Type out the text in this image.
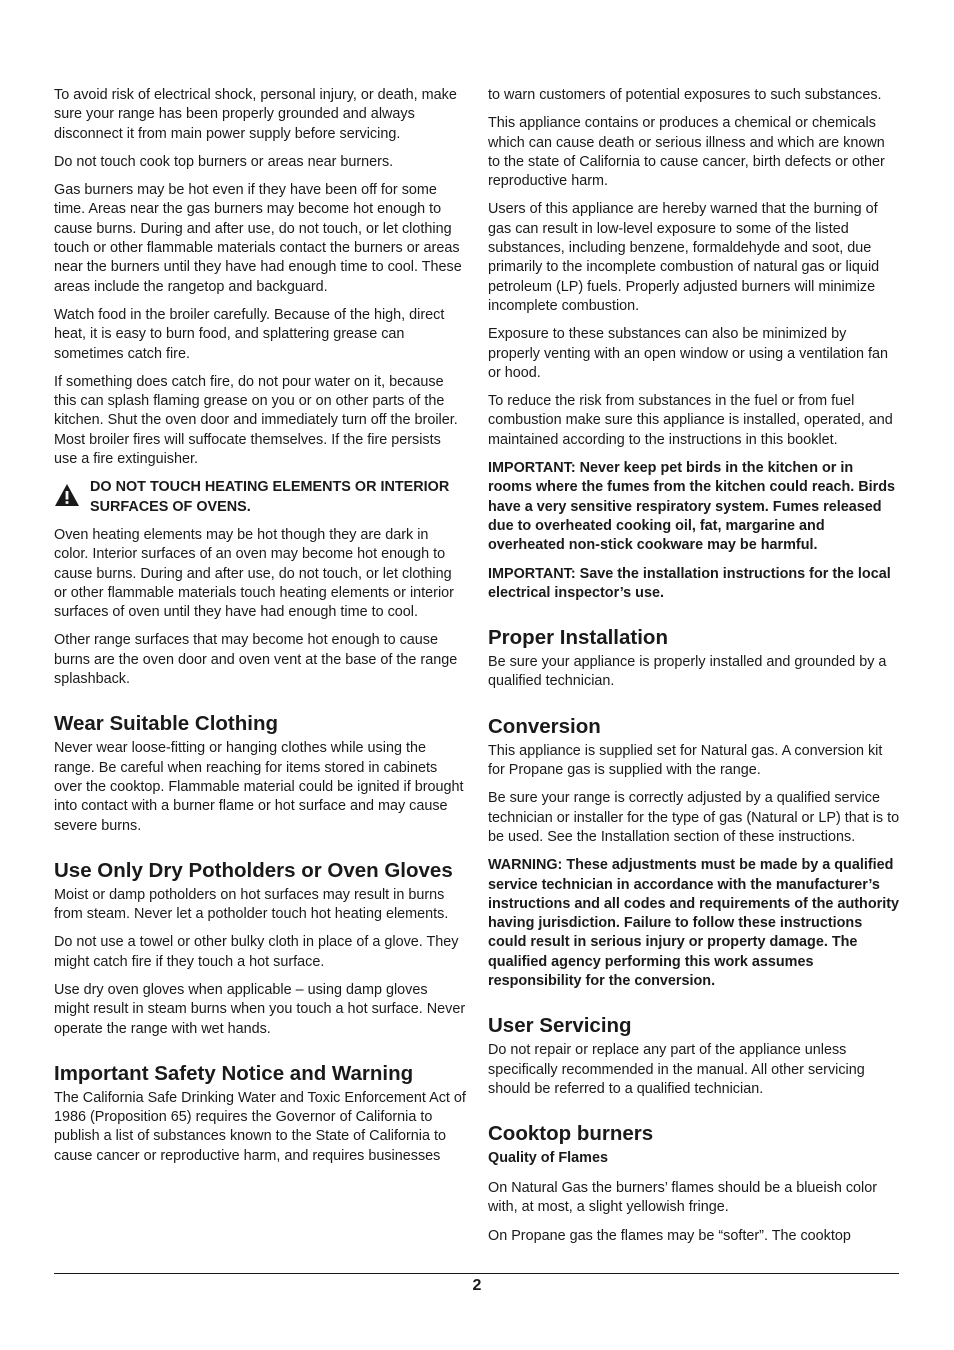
To avoid risk of electrical shock, personal injury, or death, make sure your range has been properly grounded and always disconnect it from main power supply before servicing.

Do not touch cook top burners or areas near burners.

Gas burners may be hot even if they have been off for some time. Areas near the gas burners may become hot enough to cause burns. During and after use, do not touch, or let clothing touch or other flammable materials contact the burners or areas near the burners until they have had enough time to cool. These areas include the rangetop and backguard.

Watch food in the broiler carefully. Because of the high, direct heat, it is easy to burn food, and splattering grease can sometimes catch fire.

If something does catch fire, do not pour water on it, because this can splash flaming grease on you or on other parts of the kitchen. Shut the oven door and immediately turn off the broiler. Most broiler fires will suffocate themselves. If the fire persists use a fire extinguisher.

DO NOT TOUCH HEATING ELEMENTS OR INTERIOR SURFACES OF OVENS.

Oven heating elements may be hot though they are dark in color. Interior surfaces of an oven may become hot enough to cause burns. During and after use, do not touch, or let clothing or other flammable materials touch heating elements or interior surfaces of oven until they have had enough time to cool.

Other range surfaces that may become hot enough to cause burns are the oven door and oven vent at the base of the range splashback.

Wear Suitable Clothing

Never wear loose-fitting or hanging clothes while using the range. Be careful when reaching for items stored in cabinets over the cooktop. Flammable material could be ignited if brought into contact with a burner flame or hot surface and may cause severe burns.

Use Only Dry Potholders or Oven Gloves

Moist or damp potholders on hot surfaces may result in burns from steam. Never let a potholder touch hot heating elements.

Do not use a towel or other bulky cloth in place of a glove. They might catch fire if they touch a hot surface.

Use dry oven gloves when applicable – using damp gloves might result in steam burns when you touch a hot surface. Never operate the range with wet hands.

Important Safety Notice and Warning

The California Safe Drinking Water and Toxic Enforcement Act of 1986 (Proposition 65) requires the Governor of California to publish a list of substances known to the State of California to cause cancer or reproductive harm, and requires businesses

to warn customers of potential exposures to such substances.

This appliance contains or produces a chemical or chemicals which can cause death or serious illness and which are known to the state of California to cause cancer, birth defects or other reproductive harm.

Users of this appliance are hereby warned that the burning of gas can result in low-level exposure to some of the listed substances, including benzene, formaldehyde and soot, due primarily to the incomplete combustion of natural gas or liquid petroleum (LP) fuels. Properly adjusted burners will minimize incomplete combustion.

Exposure to these substances can also be minimized by properly venting with an open window or using a ventilation fan or hood.

To reduce the risk from substances in the fuel or from fuel combustion make sure this appliance is installed, operated, and maintained according to the instructions in this booklet.

IMPORTANT: Never keep pet birds in the kitchen or in rooms where the fumes from the kitchen could reach. Birds have a very sensitive respiratory system. Fumes released due to overheated cooking oil, fat, margarine and overheated non-stick cookware may be harmful.

IMPORTANT: Save the installation instructions for the local electrical inspector’s use.

Proper Installation

Be sure your appliance is properly installed and grounded by a qualified technician.

Conversion

This appliance is supplied set for Natural gas. A conversion kit for Propane gas is supplied with the range.

Be sure your range is correctly adjusted by a qualified service technician or installer for the type of gas (Natural or LP) that is to be used. See the Installation section of these instructions.

WARNING: These adjustments must be made by a qualified service technician in accordance with the manufacturer’s instructions and all codes and requirements of the authority having jurisdiction. Failure to follow these instructions could result in serious injury or property damage. The qualified agency performing this work assumes responsibility for the conversion.

User Servicing

Do not repair or replace any part of the appliance unless specifically recommended in the manual. All other servicing should be referred to a qualified technician.

Cooktop burners
Quality of Flames

On Natural Gas the burners’ flames should be a blueish color with, at most, a slight yellowish fringe.

On Propane gas the flames may be “softer”. The cooktop

2
